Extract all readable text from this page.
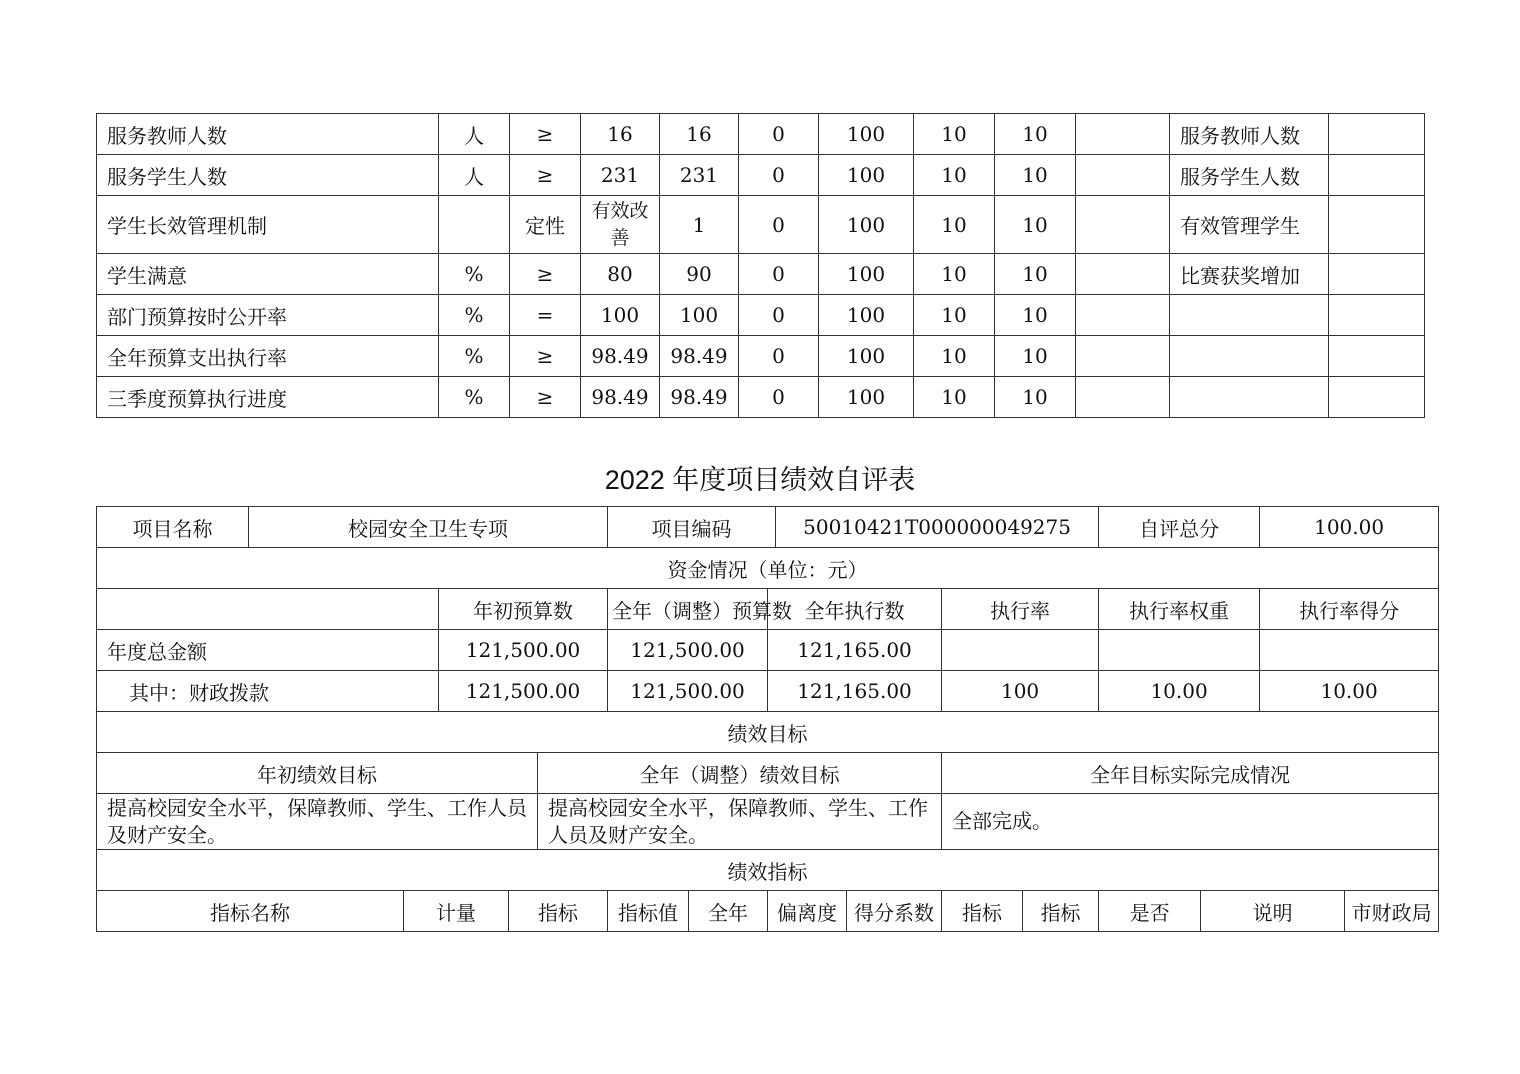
服务教师人数	人	≥	16	16	0	100	10	10		服务教师人数	
服务学生人数	人	≥	231	231	0	100	10	10		服务学生人数	
学生长效管理机制		定性	有效改善	1	0	100	10	10		有效管理学生	
学生满意	%	≥	80	90	0	100	10	10		比赛获奖增加	
部门预算按时公开率	%	=	100	100	0	100	10	10			
全年预算支出执行率	%	≥	98.49	98.49	0	100	10	10			
三季度预算执行进度	%	≥	98.49	98.49	0	100	10	10			
2022 年度项目绩效自评表
项目名称	校园安全卫生专项					项目编码			50010421T000000049275				自评总分		100.00	
资金情况（单位：元）																
			年初预算数			全年（调整）预算数		全年执行数			执行率		执行率权重		执行率得分	
年度总金额			121,500.00			121,500.00		121,165.00								
其中：财政拨款			121,500.00			121,500.00		121,165.00			100		10.00		10.00	
绩效目标																
年初绩效目标					全年（调整）绩效目标						全年目标实际完成情况					
提高校园安全水平，保障教师、学生、工作人员及财产安全。					提高校园安全水平，保障教师、学生、工作人员及财产安全。						全部完成。					
绩效指标																
指标名称		计量		指标		指标值	全年	偏离度		得分系数	指标	指标	是否	说明		市财政局
